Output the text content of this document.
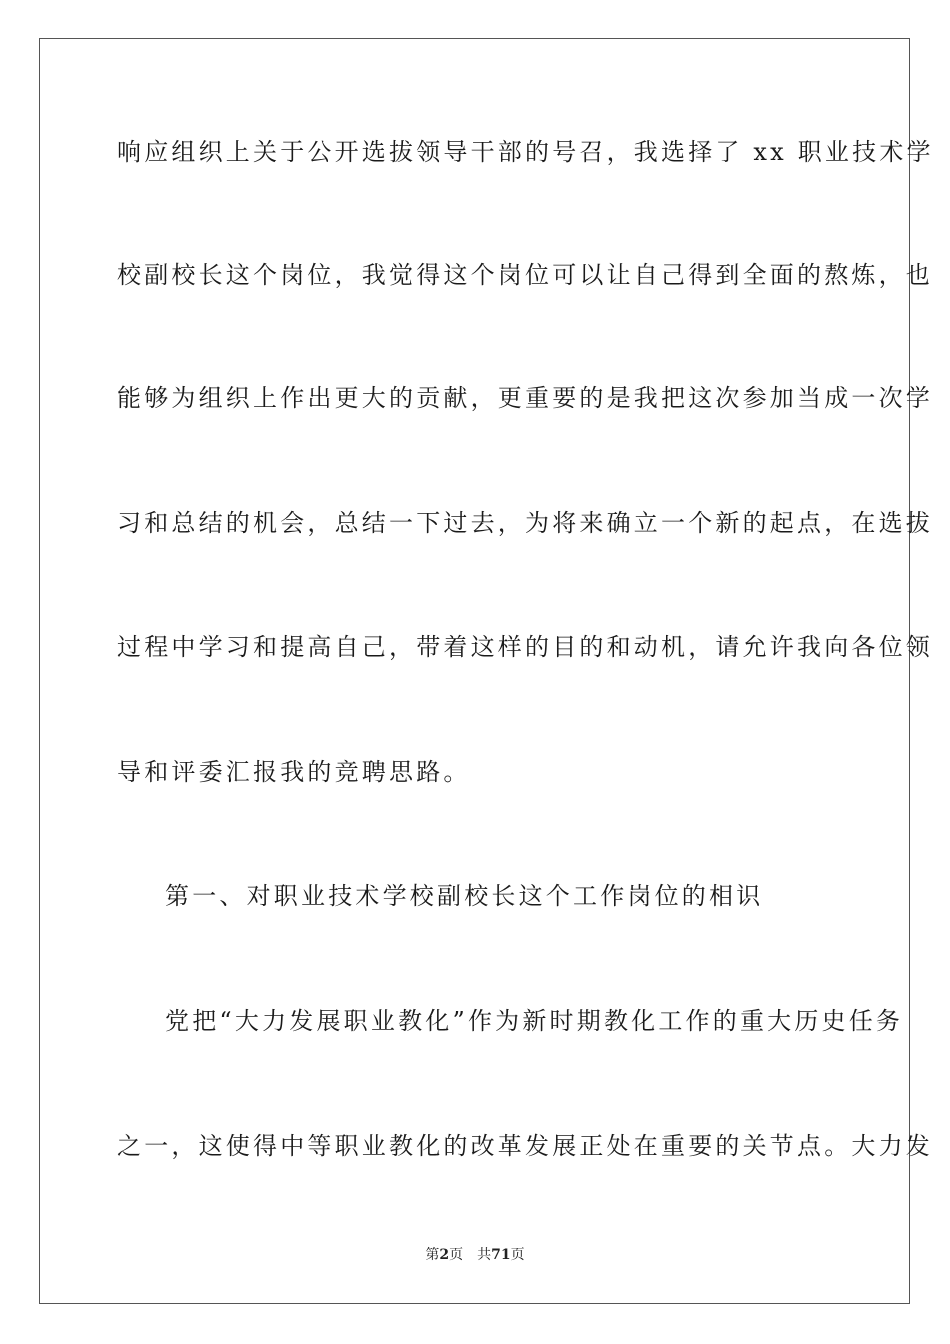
响应组织上关于公开选拔领导干部的号召，我选择了 xx 职业技术学
校副校长这个岗位，我觉得这个岗位可以让自己得到全面的熬炼，也
能够为组织上作出更大的贡献，更重要的是我把这次参加当成一次学
习和总结的机会，总结一下过去，为将来确立一个新的起点，在选拔
过程中学习和提高自己，带着这样的目的和动机，请允许我向各位领
导和评委汇报我的竞聘思路。
第一、对职业技术学校副校长这个工作岗位的相识
党把“大力发展职业教化”作为新时期教化工作的重大历史任务
之一，这使得中等职业教化的改革发展正处在重要的关节点。大力发
第2页 共71页
